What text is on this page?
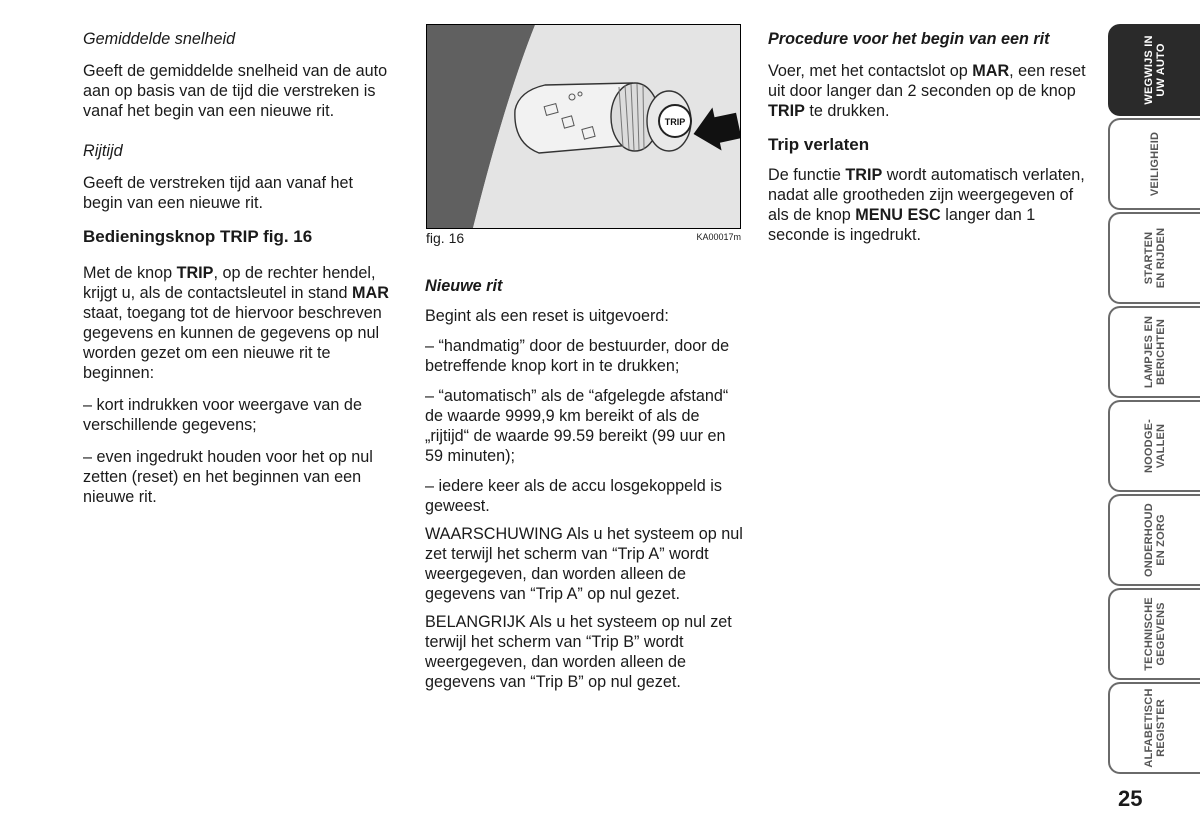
Gemiddelde snelheid

Geeft de gemiddelde snelheid van de auto aan op basis van de tijd die verstreken is vanaf het begin van een nieuwe rit.

Rijtijd

Geeft de verstreken tijd aan vanaf het begin van een nieuwe rit.

Bedieningsknop TRIP fig. 16

Met de knop TRIP, op de rechter hendel, krijgt u, als de contactsleutel in stand MAR staat, toegang tot de hiervoor beschreven gegevens en kunnen de gegevens op nul worden gezet om een nieuwe rit te beginnen:

– kort indrukken voor weergave van de verschillende gegevens;

– even ingedrukt houden voor het op nul zetten (reset) en het beginnen van een nieuwe rit.

TRIP
fig. 16	KA00017m

Nieuwe rit

Begint als een reset is uitgevoerd:

– “handmatig” door de bestuurder, door de betreffende knop kort in te drukken;

– “automatisch” als de “afgelegde afstand“ de waarde 9999,9 km bereikt of als de „rijtijd“ de waarde 99.59 bereikt (99 uur en 59 minuten);

– iedere keer als de accu losgekoppeld is geweest.

WAARSCHUWING Als u het systeem op nul zet terwijl het scherm van “Trip A” wordt weergegeven, dan worden alleen de gegevens van “Trip A” op nul gezet.

BELANGRIJK Als u het systeem op nul zet terwijl het scherm van “Trip B” wordt weergegeven, dan worden alleen de gegevens van “Trip B” op nul gezet.

Procedure voor het begin van een rit

Voer, met het contactslot op MAR, een reset uit door langer dan 2 seconden op de knop TRIP te drukken.

Trip verlaten

De functie TRIP wordt automatisch verlaten, nadat alle grootheden zijn weergegeven of als de knop MENU ESC langer dan 1 seconde is ingedrukt.

WEGWIJS IN
UW AUTO
VEILIGHEID
STARTEN
EN RIJDEN
LAMPJES EN
BERICHTEN
NOODGE-
VALLEN
ONDERHOUD
EN ZORG
TECHNISCHE
GEGEVENS
ALFABETISCH
REGISTER
25
